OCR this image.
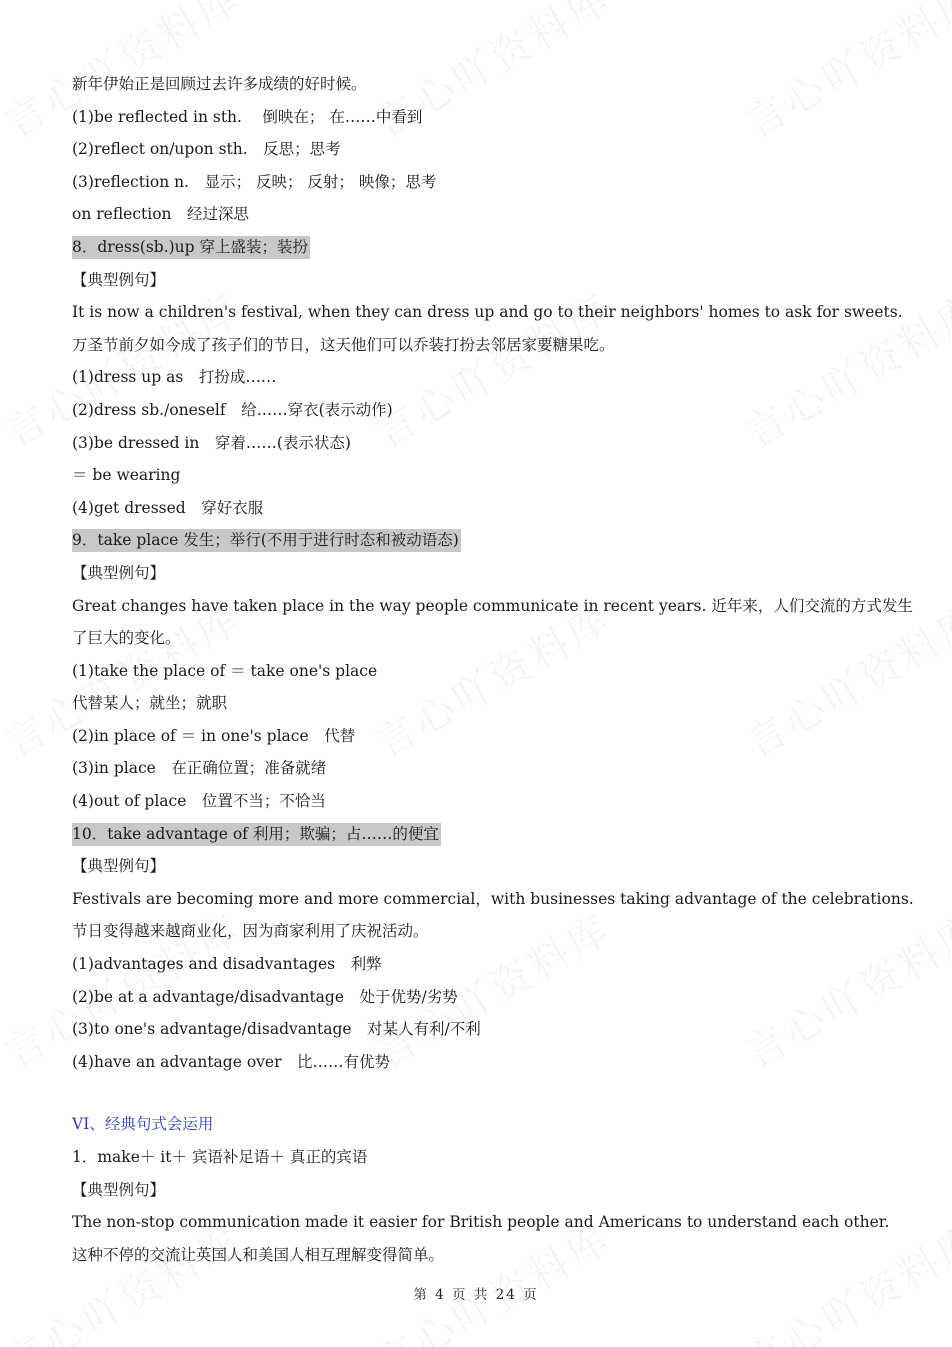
新年伊始正是回顾过去许多成绩的好时候。
(1)be reflected in sth.　 倒映在； 在……中看到
(2)reflect on/upon sth.　反思；思考
(3)reflection n.　显示； 反映； 反射； 映像；思考
on reflection　经过深思
8．dress(sb.)up 穿上盛装；装扮
【典型例句】
It is now a children's festival, when they can dress up and go to their neighbors' homes to ask for sweets.
万圣节前夕如今成了孩子们的节日，这天他们可以乔装打扮去邻居家要糖果吃。
(1)dress up as　打扮成……
(2)dress sb./oneself　给……穿衣(表示动作)
(3)be dressed in　穿着……(表示状态)
＝ be wearing
(4)get dressed　穿好衣服
9．take place 发生；举行(不用于进行时态和被动语态)
【典型例句】
Great changes have taken place in the way people communicate in recent years. 近年来，人们交流的方式发生
了巨大的变化。
(1)take the place of ＝ take one's place
代替某人；就坐；就职
(2)in place of ＝ in one's place　代替
(3)in place　在正确位置；准备就绪
(4)out of place　位置不当；不恰当
10．take advantage of 利用；欺骗；占……的便宜
【典型例句】
Festivals are becoming more and more commercial，with businesses taking advantage of the celebrations.
节日变得越来越商业化，因为商家利用了庆祝活动。
(1)advantages and disadvantages　利弊
(2)be at a advantage/disadvantage　处于优势/劣势
(3)to one's advantage/disadvantage　对某人有利/不利
(4)have an advantage over　比……有优势
VI、经典句式会运用
1．make＋ it＋ 宾语补足语＋ 真正的宾语
【典型例句】
The non-stop communication made it easier for British people and Americans to understand each other.
这种不停的交流让英国人和美国人相互理解变得简单。
第 4 页 共 24 页
